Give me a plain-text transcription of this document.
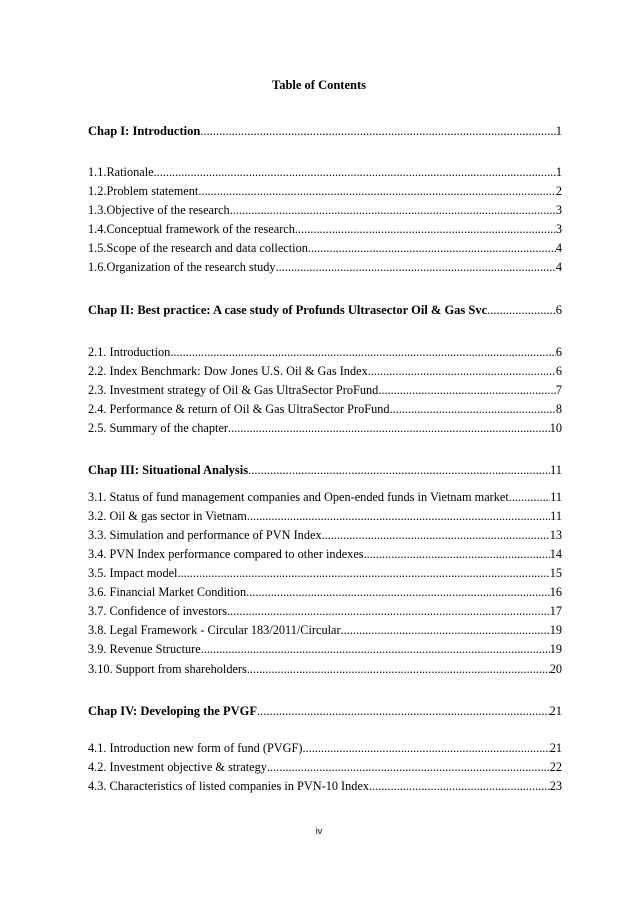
Table of Contents
Chap I: Introduction .....	1
1.1.Rationale .....	1
1.2.Problem statement .....	2
1.3.Objective of the research .....	3
1.4.Conceptual framework of the research .....	3
1.5.Scope of the research and data collection .....	4
1.6.Organization of the research study .....	4
Chap II: Best practice: A case study of Profunds Ultrasector Oil & Gas Svc .....	6
2.1. Introduction .....	6
2.2. Index Benchmark: Dow Jones U.S. Oil & Gas Index .....	6
2.3. Investment strategy of Oil & Gas UltraSector ProFund .....	7
2.4. Performance & return of Oil & Gas UltraSector ProFund .....	8
2.5. Summary of the chapter .....	10
Chap III: Situational Analysis .....	11
3.1. Status of fund management companies and Open-ended funds in Vietnam market .....	11
3.2. Oil & gas sector in Vietnam .....	11
3.3. Simulation and performance of PVN Index .....	13
3.4. PVN Index performance compared to other indexes .....	14
3.5. Impact model .....	15
3.6. Financial Market Condition .....	16
3.7. Confidence of investors .....	17
3.8. Legal Framework - Circular 183/2011/Circular .....	19
3.9. Revenue Structure .....	19
3.10. Support from shareholders .....	20
Chap IV: Developing the PVGF .....	21
4.1. Introduction new form of fund (PVGF) .....	21
4.2. Investment objective & strategy .....	22
4.3. Characteristics of listed companies in PVN-10 Index .....	23
iv
